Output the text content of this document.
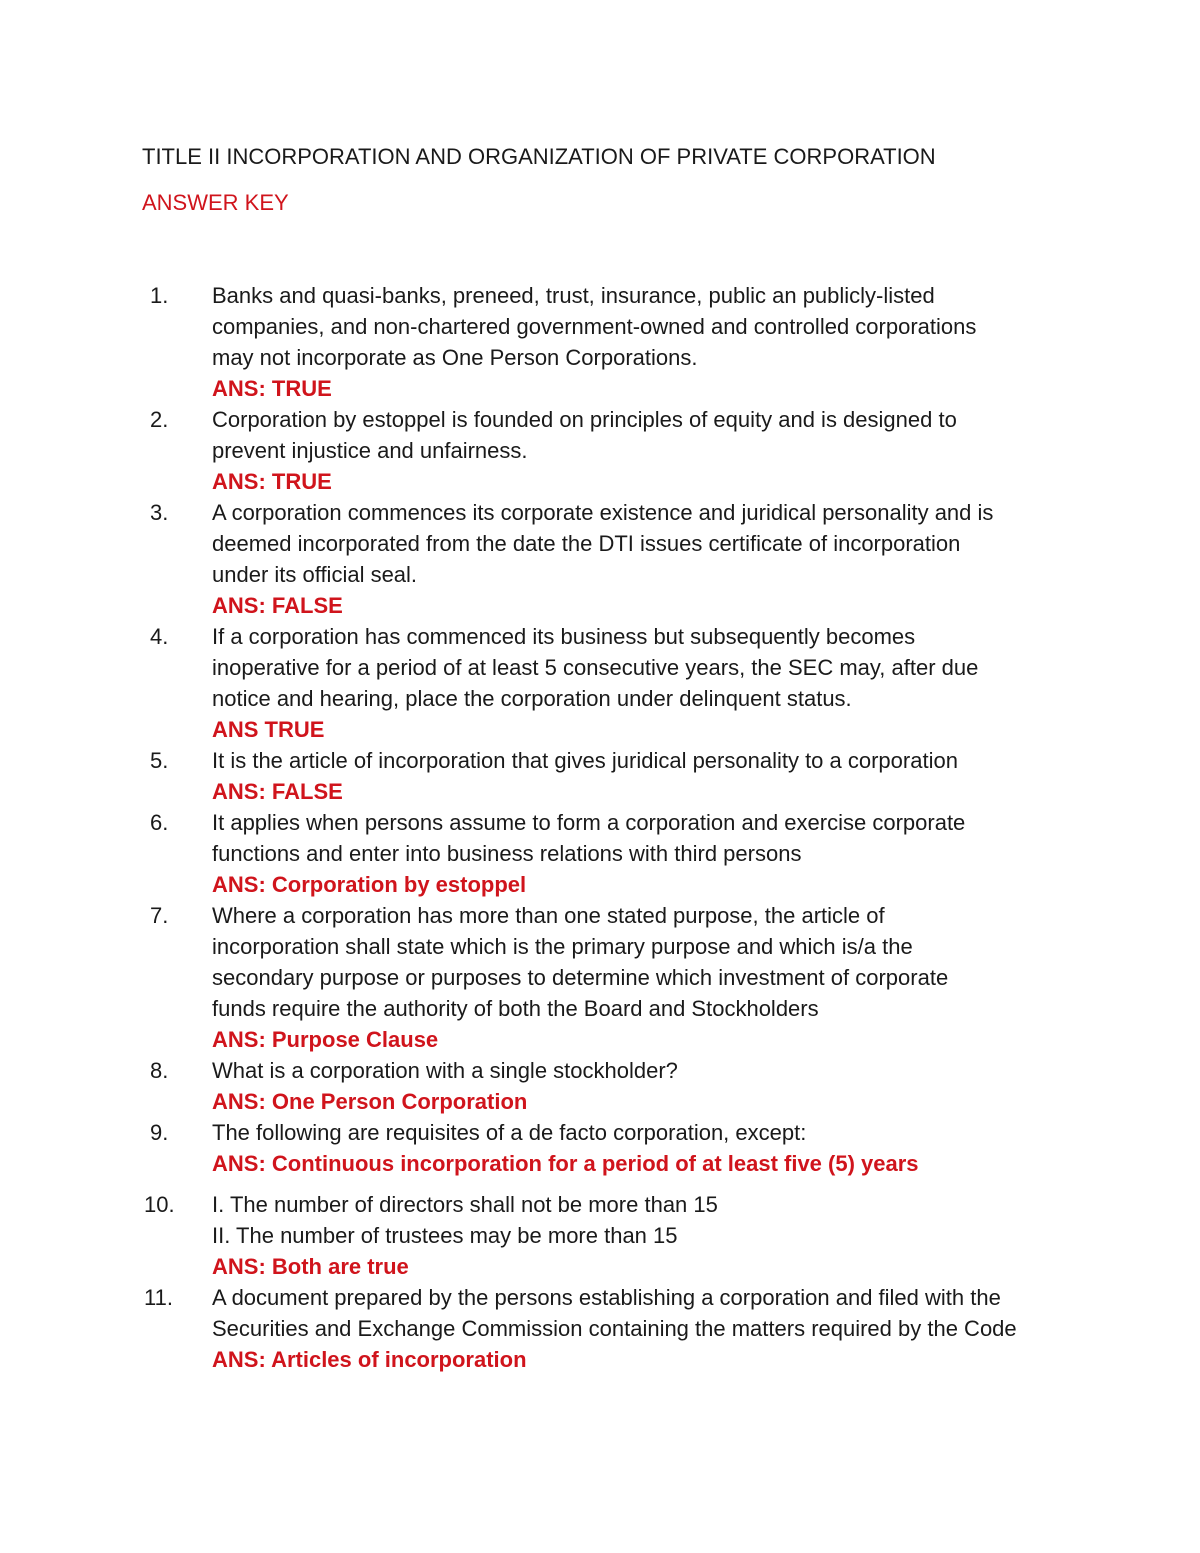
TITLE II INCORPORATION AND ORGANIZATION OF PRIVATE CORPORATION
ANSWER KEY
1.	Banks and quasi-banks, preneed, trust, insurance, public an publicly-listed
companies, and non-chartered government-owned and controlled corporations
may not incorporate as One Person Corporations.
ANS: TRUE
2.	Corporation by estoppel is founded on principles of equity and is designed to
prevent injustice and unfairness.
ANS: TRUE
3.	A corporation commences its corporate existence and juridical personality and is
deemed incorporated from the date the DTI issues certificate of incorporation
under its official seal.
ANS: FALSE
4.	If a corporation has commenced its business but subsequently becomes
inoperative for a period of at least 5 consecutive years, the SEC may, after due
notice and hearing, place the corporation under delinquent status.
ANS TRUE
5.	It is the article of incorporation that gives juridical personality to a corporation
ANS: FALSE
6.	It applies when persons assume to form a corporation and exercise corporate
functions and enter into business relations with third persons
ANS: Corporation by estoppel
7.	Where a corporation has more than one stated purpose, the article of
incorporation shall state which is the primary purpose and which is/a the
secondary purpose or purposes to determine which investment of corporate
funds require the authority of both the Board and Stockholders
ANS: Purpose Clause
8.	What is a corporation with a single stockholder?
ANS: One Person Corporation
9.	The following are requisites of a de facto corporation, except:
ANS: Continuous incorporation for a period of at least five (5) years
10.	I. The number of directors shall not be more than 15
II. The number of trustees may be more than 15
ANS: Both are true
11.	A document prepared by the persons establishing a corporation and filed with the
Securities and Exchange Commission containing the matters required by the Code
ANS: Articles of incorporation
